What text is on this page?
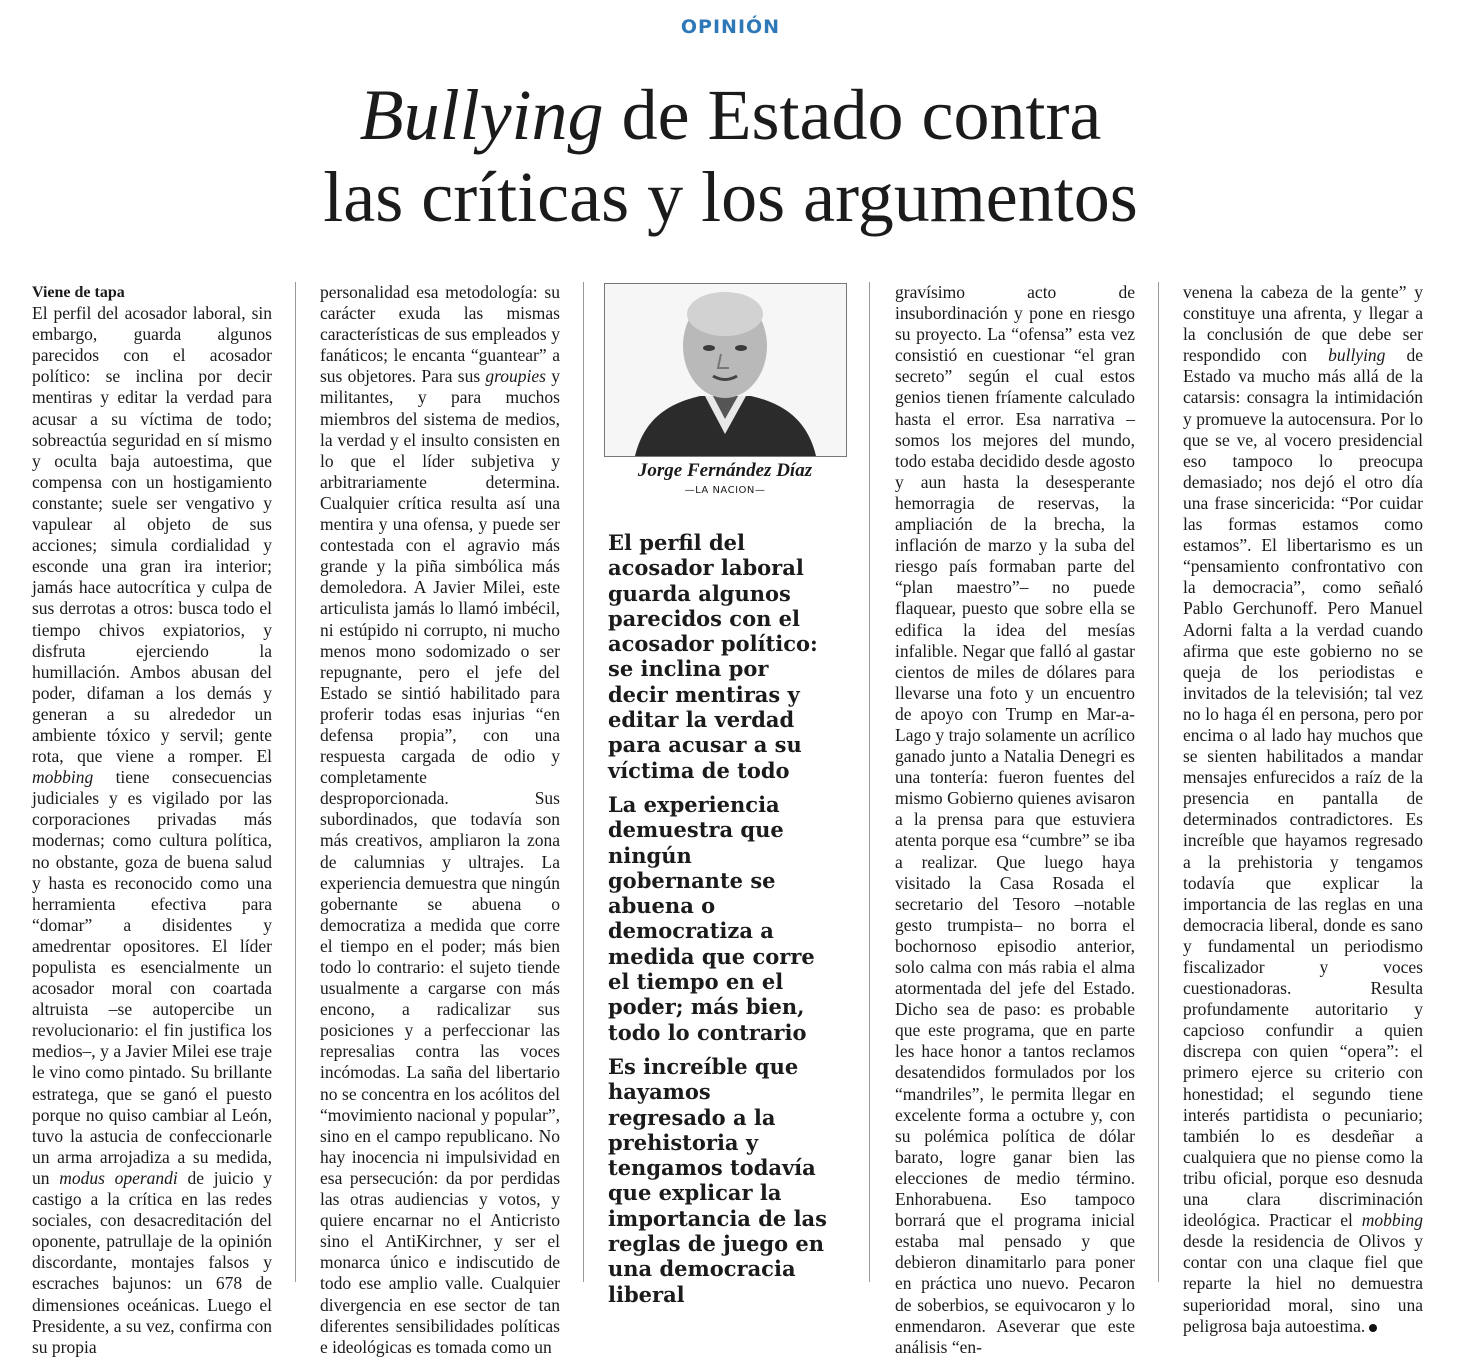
OPINIÓN
Bullying de Estado contra
las críticas y los argumentos

Viene de tapa

El perfil del acosador laboral, sin embargo, guarda algunos parecidos con el acosador político: se inclina por decir mentiras y editar la verdad para acusar a su víctima de todo; sobreactúa seguridad en sí mismo y oculta baja autoestima, que compensa con un hostigamiento constante; suele ser vengativo y vapulear al objeto de sus acciones; simula cordialidad y esconde una gran ira interior; jamás hace autocrítica y culpa de sus derrotas a otros: busca todo el tiempo chivos expiatorios, y disfruta ejerciendo la humillación. Ambos abusan del poder, difaman a los demás y generan a su alrededor un ambiente tóxico y servil; gente rota, que viene a romper. El mobbing tiene consecuencias judiciales y es vigilado por las corporaciones privadas más modernas; como cultura política, no obstante, goza de buena salud y hasta es reconocido como una herramienta efectiva para “domar” a disidentes y amedrentar opositores. El líder populista es esencialmente un acosador moral con coartada altruista –se autopercibe un revolucionario: el fin justifica los medios–, y a Javier Milei ese traje le vino como pintado. Su brillante estratega, que se ganó el puesto porque no quiso cambiar al León, tuvo la astucia de confeccionarle un arma arrojadiza a su medida, un modus operandi de juicio y castigo a la crítica en las redes sociales, con desacreditación del oponente, patrullaje de la opinión discordante, montajes falsos y escraches bajunos: un 678 de dimensiones oceánicas. Luego el Presidente, a su vez, confirma con su propia

personalidad esa metodología: su carácter exuda las mismas características de sus empleados y fanáticos; le encanta “guantear” a sus objetores. Para sus groupies y militantes, y para muchos miembros del sistema de medios, la verdad y el insulto consisten en lo que el líder subjetiva y arbitrariamente determina. Cualquier crítica resulta así una mentira y una ofensa, y puede ser contestada con el agravio más grande y la piña simbólica más demoledora. A Javier Milei, este articulista jamás lo llamó imbécil, ni estúpido ni corrupto, ni mucho menos mono sodomizado o ser repugnante, pero el jefe del Estado se sintió habilitado para proferir todas esas injurias “en defensa propia”, con una respuesta cargada de odio y completamente desproporcionada. Sus subordinados, que todavía son más creativos, ampliaron la zona de calumnias y ultrajes. La experiencia demuestra que ningún gobernante se abuena o democratiza a medida que corre el tiempo en el poder; más bien todo lo contrario: el sujeto tiende usualmente a cargarse con más encono, a radicalizar sus posiciones y a perfeccionar las represalias contra las voces incómodas. La saña del libertario no se concentra en los acólitos del “movimiento nacional y popular”, sino en el campo republicano. No hay inocencia ni impulsividad en esa persecución: da por perdidas las otras audiencias y votos, y quiere encarnar no el Anticristo sino el AntiKirchner, y ser el monarca único e indiscutido de todo ese amplio valle. Cualquier divergencia en ese sector de tan diferentes sensibilidades políticas e ideológicas es tomada como un

Jorge Fernández Díaz
—LA NACION—
El perfil del acosador laboral guarda algunos parecidos con el acosador político: se inclina por decir mentiras y editar la verdad para acusar a su víctima de todo
La experiencia demuestra que ningún gobernante se abuena o democratiza a medida que corre el tiempo en el poder; más bien, todo lo contrario
Es increíble que hayamos regresado a la prehistoria y tengamos todavía que explicar la importancia de las reglas de juego en una democracia liberal

gravísimo acto de insubordinación y pone en riesgo su proyecto. La “ofensa” esta vez consistió en cuestionar “el gran secreto” según el cual estos genios tienen fríamente calculado hasta el error. Esa narrativa –somos los mejores del mundo, todo estaba decidido desde agosto y aun hasta la desesperante hemorragia de reservas, la ampliación de la brecha, la inflación de marzo y la suba del riesgo país formaban parte del “plan maestro”– no puede flaquear, puesto que sobre ella se edifica la idea del mesías infalible. Negar que falló al gastar cientos de miles de dólares para llevarse una foto y un encuentro de apoyo con Trump en Mar-a-Lago y trajo solamente un acrílico ganado junto a Natalia Denegri es una tontería: fueron fuentes del mismo Gobierno quienes avisaron a la prensa para que estuviera atenta porque esa “cumbre” se iba a realizar. Que luego haya visitado la Casa Rosada el secretario del Tesoro –notable gesto trumpista– no borra el bochornoso episodio anterior, solo calma con más rabia el alma atormentada del jefe del Estado. Dicho sea de paso: es probable que este programa, que en parte les hace honor a tantos reclamos desatendidos formulados por los “mandriles”, le permita llegar en excelente forma a octubre y, con su polémica política de dólar barato, logre ganar bien las elecciones de medio término. Enhorabuena. Eso tampoco borrará que el programa inicial estaba mal pensado y que debieron dinamitarlo para poner en práctica uno nuevo. Pecaron de soberbios, se equivocaron y lo enmendaron. Aseverar que este análisis “en-

venena la cabeza de la gente” y constituye una afrenta, y llegar a la conclusión de que debe ser respondido con bullying de Estado va mucho más allá de la catarsis: consagra la intimidación y promueve la autocensura. Por lo que se ve, al vocero presidencial eso tampoco lo preocupa demasiado; nos dejó el otro día una frase sincericida: “Por cuidar las formas estamos como estamos”. El libertarismo es un “pensamiento confrontativo con la democracia”, como señaló Pablo Gerchunoff. Pero Manuel Adorni falta a la verdad cuando afirma que este gobierno no se queja de los periodistas e invitados de la televisión; tal vez no lo haga él en persona, pero por encima o al lado hay muchos que se sienten habilitados a mandar mensajes enfurecidos a raíz de la presencia en pantalla de determinados contradictores. Es increíble que hayamos regresado a la prehistoria y tengamos todavía que explicar la importancia de las reglas en una democracia liberal, donde es sano y fundamental un periodismo fiscalizador y voces cuestionadoras. Resulta profundamente autoritario y capcioso confundir a quien discrepa con quien “opera”: el primero ejerce su criterio con honestidad; el segundo tiene interés partidista o pecuniario; también lo es desdeñar a cualquiera que no piense como la tribu oficial, porque eso desnuda una clara discriminación ideológica. Practicar el mobbing desde la residencia de Olivos y contar con una claque fiel que reparte la hiel no demuestra superioridad moral, sino una peligrosa baja autoestima.
